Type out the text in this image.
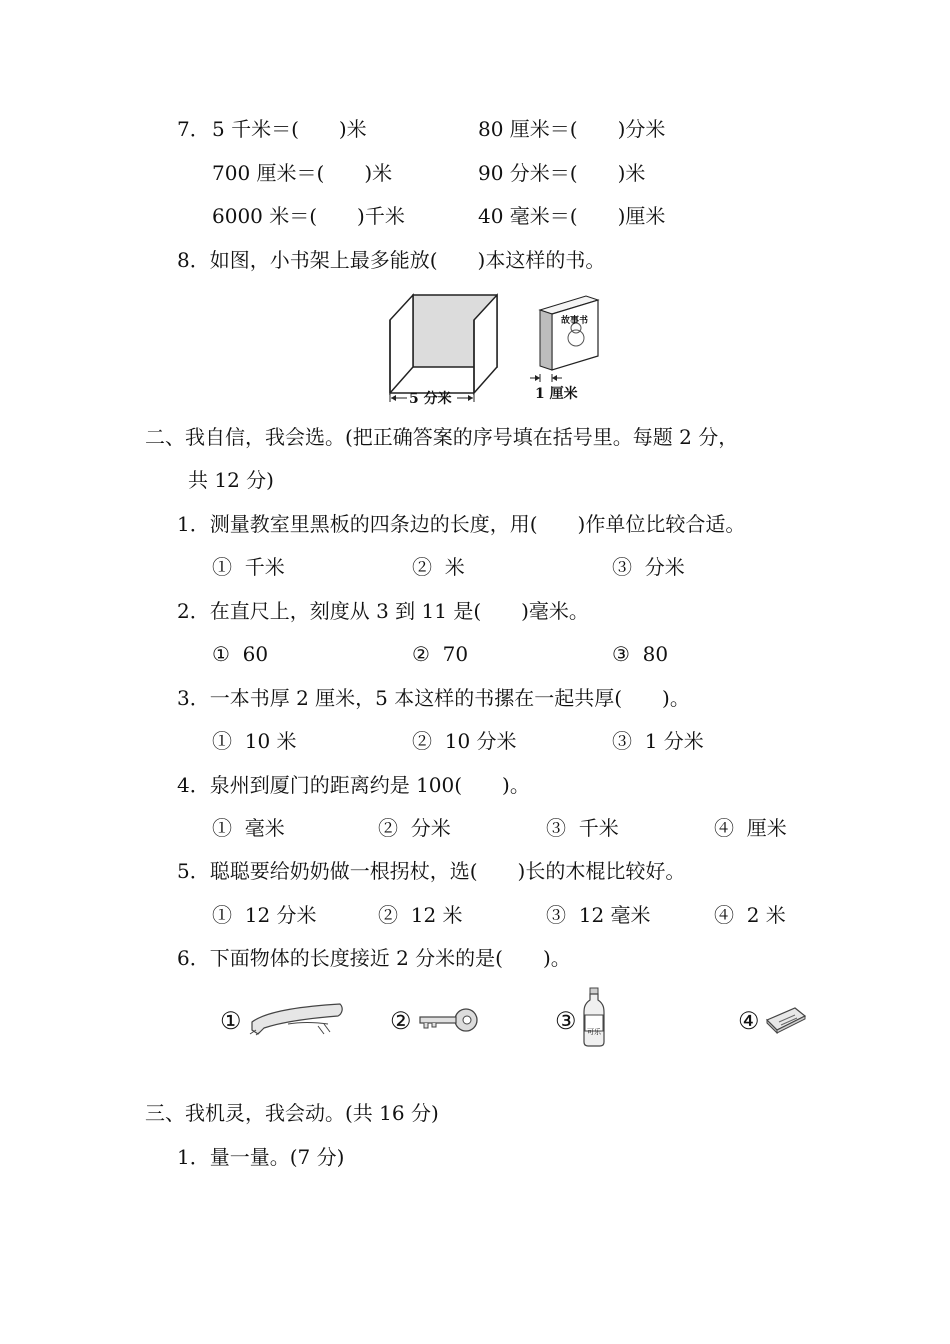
7． 5 千米＝(　　)米	80 厘米＝(　　)分米
700 厘米＝(　　)米	90 分米＝(　　)米
6000 米＝(　　)千米	40 毫米＝(　　)厘米
8．如图，小书架上最多能放(　　)本这样的书。
5 分米
故事书
1 厘米
二、我自信，我会选。(把正确答案的序号填在括号里。每题 2 分，
共 12 分)
1．测量教室里黑板的四条边的长度，用(　　)作单位比较合适。
①  千米	②  米	③  分米
2．在直尺上，刻度从 3 到 11 是(　　)毫米。
①  60	②  70	③  80
3．一本书厚 2 厘米，5 本这样的书摞在一起共厚(　　)。
①  10 米	②  10 分米	③  1 分米
4．泉州到厦门的距离约是 100(　　)。
①  毫米	②  分米	③  千米	④  厘米
5．聪聪要给奶奶做一根拐杖，选(　　)长的木棍比较好。
①  12 分米	②  12 米	③  12 毫米	④  2 米
6．下面物体的长度接近 2 分米的是(　　)。
①	②	③ 可乐	④
三、我机灵，我会动。(共 16 分)
1．量一量。(7 分)
